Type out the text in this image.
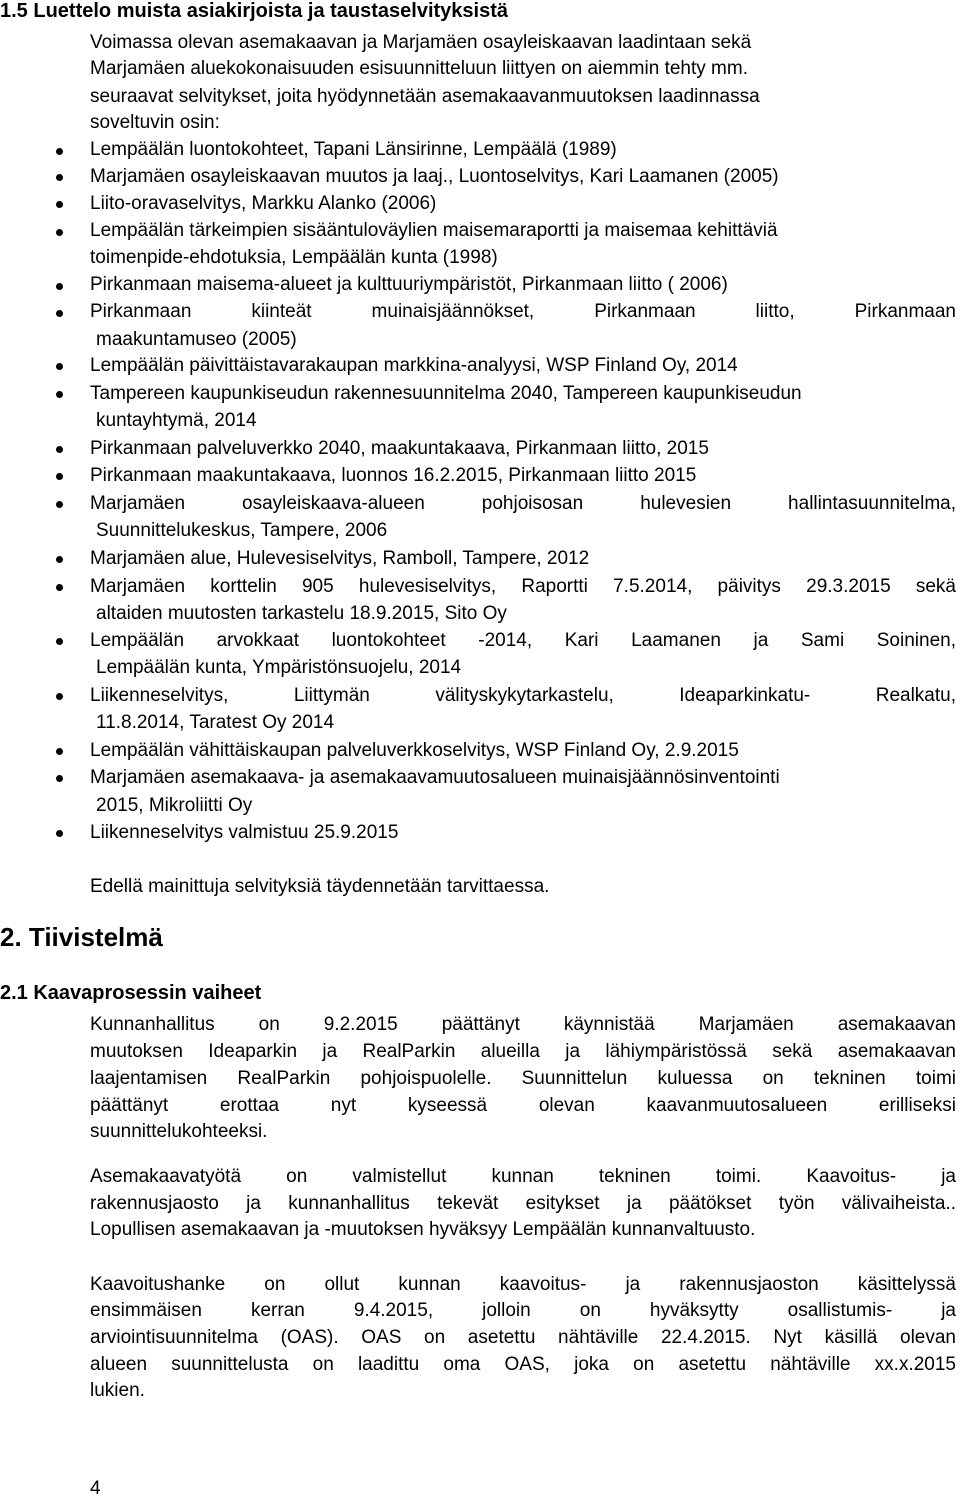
1.5 Luettelo muista asiakirjoista ja taustaselvityksistä
Voimassa olevan asemakaavan ja Marjamäen osayleiskaavan laadintaan sekä
Marjamäen aluekokonaisuuden esisuunnitteluun liittyen on aiemmin tehty mm.
seuraavat selvitykset, joita hyödynnetään asemakaavanmuutoksen laadinnassa
soveltuvin osin:
Lempäälän luontokohteet, Tapani Länsirinne, Lempäälä (1989)
Marjamäen osayleiskaavan muutos ja laaj., Luontoselvitys, Kari Laamanen (2005)
Liito-oravaselvitys, Markku Alanko (2006)
Lempäälän tärkeimpien sisääntuloväylien maisemaraportti ja maisemaa kehittäviä
toimenpide-ehdotuksia, Lempäälän kunta (1998)
Pirkanmaan maisema-alueet ja kulttuuriympäristöt, Pirkanmaan liitto ( 2006)
Pirkanmaan kiinteät muinaisjäännökset, Pirkanmaan liitto, Pirkanmaan
maakuntamuseo (2005)
Lempäälän päivittäistavarakaupan markkina-analyysi, WSP Finland Oy, 2014
Tampereen kaupunkiseudun rakennesuunnitelma 2040, Tampereen kaupunkiseudun
kuntayhtymä, 2014
Pirkanmaan palveluverkko 2040, maakuntakaava, Pirkanmaan liitto, 2015
Pirkanmaan maakuntakaava, luonnos 16.2.2015, Pirkanmaan liitto 2015
Marjamäen osayleiskaava-alueen pohjoisosan hulevesien hallintasuunnitelma,
Suunnittelukeskus, Tampere, 2006
Marjamäen alue, Hulevesiselvitys, Ramboll, Tampere, 2012
Marjamäen korttelin 905 hulevesiselvitys, Raportti 7.5.2014, päivitys 29.3.2015 sekä
altaiden muutosten tarkastelu 18.9.2015, Sito Oy
Lempäälän arvokkaat luontokohteet -2014, Kari Laamanen ja Sami Soininen,
Lempäälän kunta, Ympäristönsuojelu, 2014
Liikenneselvitys, Liittymän välityskykytarkastelu, Ideaparkinkatu- Realkatu,
11.8.2014, Taratest Oy 2014
Lempäälän vähittäiskaupan palveluverkkoselvitys, WSP Finland Oy, 2.9.2015
Marjamäen asemakaava- ja asemakaavamuutosalueen muinaisjäännösinventointi
2015, Mikroliitti Oy
Liikenneselvitys valmistuu 25.9.2015
Edellä mainittuja selvityksiä täydennetään tarvittaessa.
2. Tiivistelmä
2.1 Kaavaprosessin vaiheet
Kunnanhallitus on 9.2.2015 päättänyt käynnistää Marjamäen asemakaavan
muutoksen Ideaparkin ja RealParkin alueilla ja lähiympäristössä sekä asemakaavan
laajentamisen RealParkin pohjoispuolelle. Suunnittelun kuluessa on tekninen toimi
päättänyt erottaa nyt kyseessä olevan kaavanmuutosalueen erilliseksi
suunnittelukohteeksi.
Asemakaavatyötä on valmistellut kunnan tekninen toimi. Kaavoitus- ja
rakennusjaosto ja kunnanhallitus tekevät esitykset ja päätökset työn välivaiheista..
Lopullisen asemakaavan ja -muutoksen hyväksyy Lempäälän kunnanvaltuusto.
Kaavoitushanke on ollut kunnan kaavoitus- ja rakennusjaoston käsittelyssä
ensimmäisen kerran 9.4.2015, jolloin on hyväksytty osallistumis- ja
arviointisuunnitelma (OAS). OAS on asetettu nähtäville 22.4.2015. Nyt käsillä olevan
alueen suunnittelusta on laadittu oma OAS, joka on asetettu nähtäville xx.x.2015
lukien.
4
